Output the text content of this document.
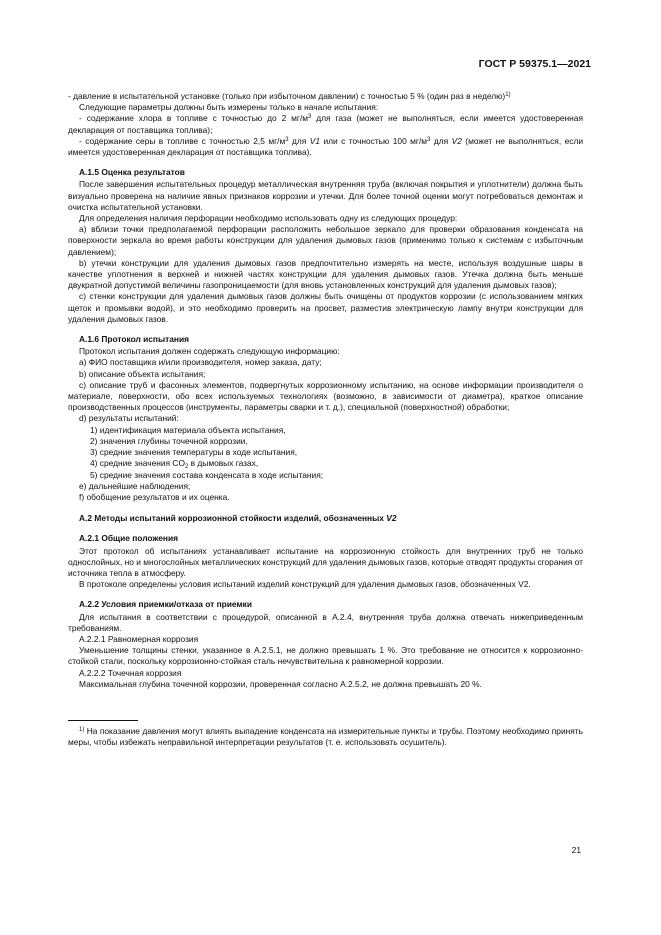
ГОСТ Р 59375.1—2021

- давление в испытательной установке (только при избыточном давлении) с точностью 5 % (один раз в неделю)$^{1)}$

Следующие параметры должны быть измерены только в начале испытания:

- содержание хлора в топливе с точностью до 2 $мг/м^3$ для газа (может не выполняться, если имеется удостоверенная декларация от поставщика топлива);

- содержание серы в топливе с точностью 2,5 $мг/м^3$ для V1 или с точностью 100 $мг/м^3$ для V2 (может не выполняться, если имеется удостоверенная декларация от поставщика топлива).

А.1.5 Оценка результатов

После завершения испытательных процедур металлическая внутренняя труба (включая покрытия и уплотнители) должна быть визуально проверена на наличие явных признаков коррозии и утечки. Для более точной оценки могут потребоваться демонтаж и очистка испытательной установки.

Для определения наличия перфорации необходимо использовать одну из следующих процедур:

а) вблизи точки предполагаемой перфорации расположить небольшое зеркало для проверки образования конденсата на поверхности зеркала во время работы конструкции для удаления дымовых газов (применимо только к системам с избыточным давлением);

b) утечки конструкции для удаления дымовых газов предпочтительно измерять на месте, используя воздушные шары в качестве уплотнения в верхней и нижней частях конструкции для удаления дымовых газов. Утечка должна быть меньше двукратной допустимой величины газопроницаемости (для вновь установленных конструкций для удаления дымовых газов);

с) стенки конструкции для удаления дымовых газов должны быть очищены от продуктов коррозии (с использованием мягких щеток и промывки водой), и это необходимо проверить на просвет, разместив электрическую лампу внутри конструкции для удаления дымовых газов.

А.1.6 Протокол испытания

Протокол испытания должен содержать следующую информацию:

а) ФИО поставщика и/или производителя, номер заказа, дату;

b) описание объекта испытания;

с) описание труб и фасонных элементов, подвергнутых коррозионному испытанию, на основе информации производителя о материале, поверхности, обо всех используемых технологиях (возможно, в зависимости от диаметра), краткое описание производственных процессов (инструменты, параметры сварки и т. д.), специальной (поверхностной) обработки;

d) результаты испытаний:

1) идентификация материала объекта испытания,

2) значения глубины точечной коррозии,

3) средние значения температуры в ходе испытания,

4) средние значения $CO_2$ в дымовых газах,

5) средние значения состава конденсата в ходе испытания;

е) дальнейшие наблюдения;

f) обобщение результатов и их оценка.

А.2 Методы испытаний коррозионной стойкости изделий, обозначенных V2
А.2.1 Общие положения

Этот протокол об испытаниях устанавливает испытание на коррозионную стойкость для внутренних труб не только однослойных, но и многослойных металлических конструкций для удаления дымовых газов, которые отводят продукты сгорания от источника тепла в атмосферу.

В протоколе определены условия испытаний изделий конструкций для удаления дымовых газов, обозначенных V2.

А.2.2 Условия приемки/отказа от приемки

Для испытания в соответствии с процедурой, описанной в А.2.4, внутренняя труба должна отвечать нижеприведенным требованиям.

А.2.2.1 Равномерная коррозия

Уменьшение толщины стенки, указанное в А.2.5.1, не должно превышать 1 %. Это требование не относится к коррозионно-стойкой стали, поскольку коррозионно-стойкая сталь нечувствительна к равномерной коррозии.

А.2.2.2 Точечная коррозия

Максимальная глубина точечной коррозии, проверенная согласно А.2.5.2, не должна превышать 20 %.

$^{1)}$ На показание давления могут влиять выпадение конденсата на измерительные пункты и трубы. Поэтому необходимо принять меры, чтобы избежать неправильной интерпретации результатов (т. е. использовать осушитель).

21
